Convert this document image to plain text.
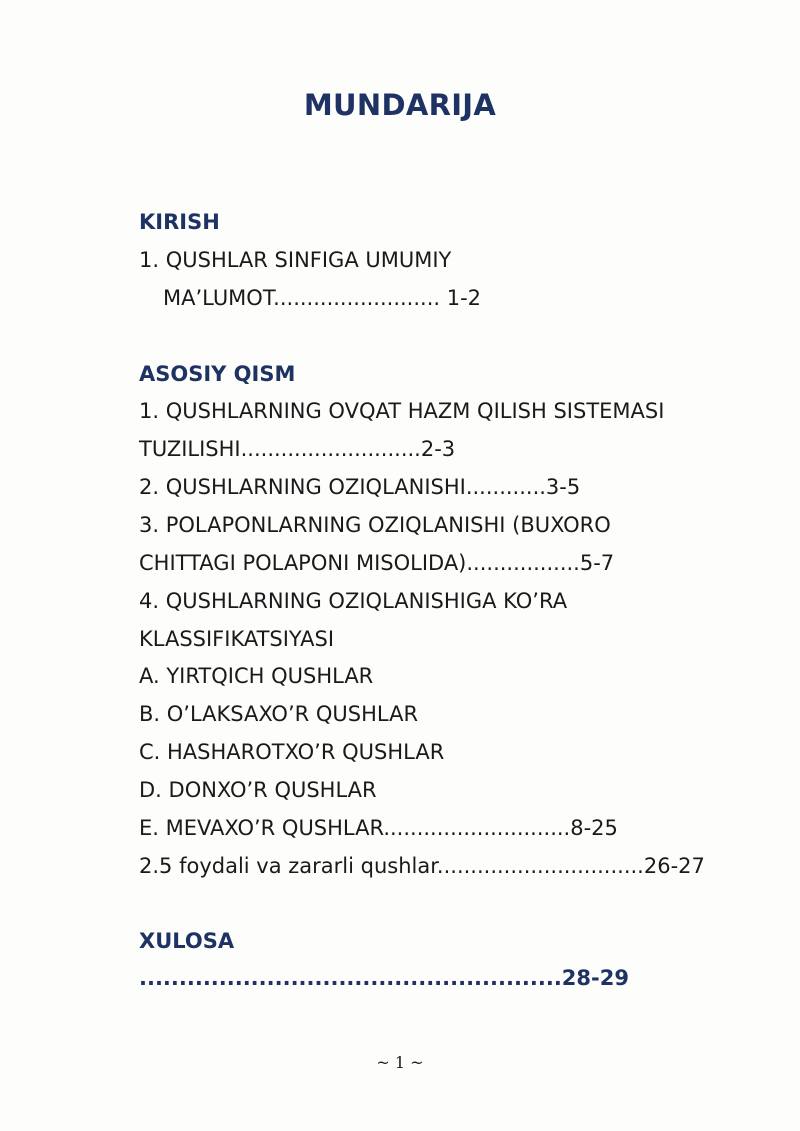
MUNDARIJA
KIRISH
1. QUSHLAR SINFIGA UMUMIY
MA’LUMOT......................... 1-2
ASOSIY QISM
1. QUSHLARNING OVQAT HAZM QILISH SISTEMASI
TUZILISHI...........................2-3
2. QUSHLARNING OZIQLANISHI............3-5
3. POLAPONLARNING OZIQLANISHI (BUXORO
CHITTAGI POLAPONI MISOLIDA).................5-7
4. QUSHLARNING OZIQLANISHIGA KO’RA
KLASSIFIKATSIYASI
A. YIRTQICH QUSHLAR
B. O’LAKSAXO’R QUSHLAR
C. HASHAROTXO’R QUSHLAR
D. DONXO’R QUSHLAR
E. MEVAXO’R QUSHLAR............................8-25
2.5 foydali va zararli qushlar...............................26-27
XULOSA
.....................................................28-29
~ 1 ~
